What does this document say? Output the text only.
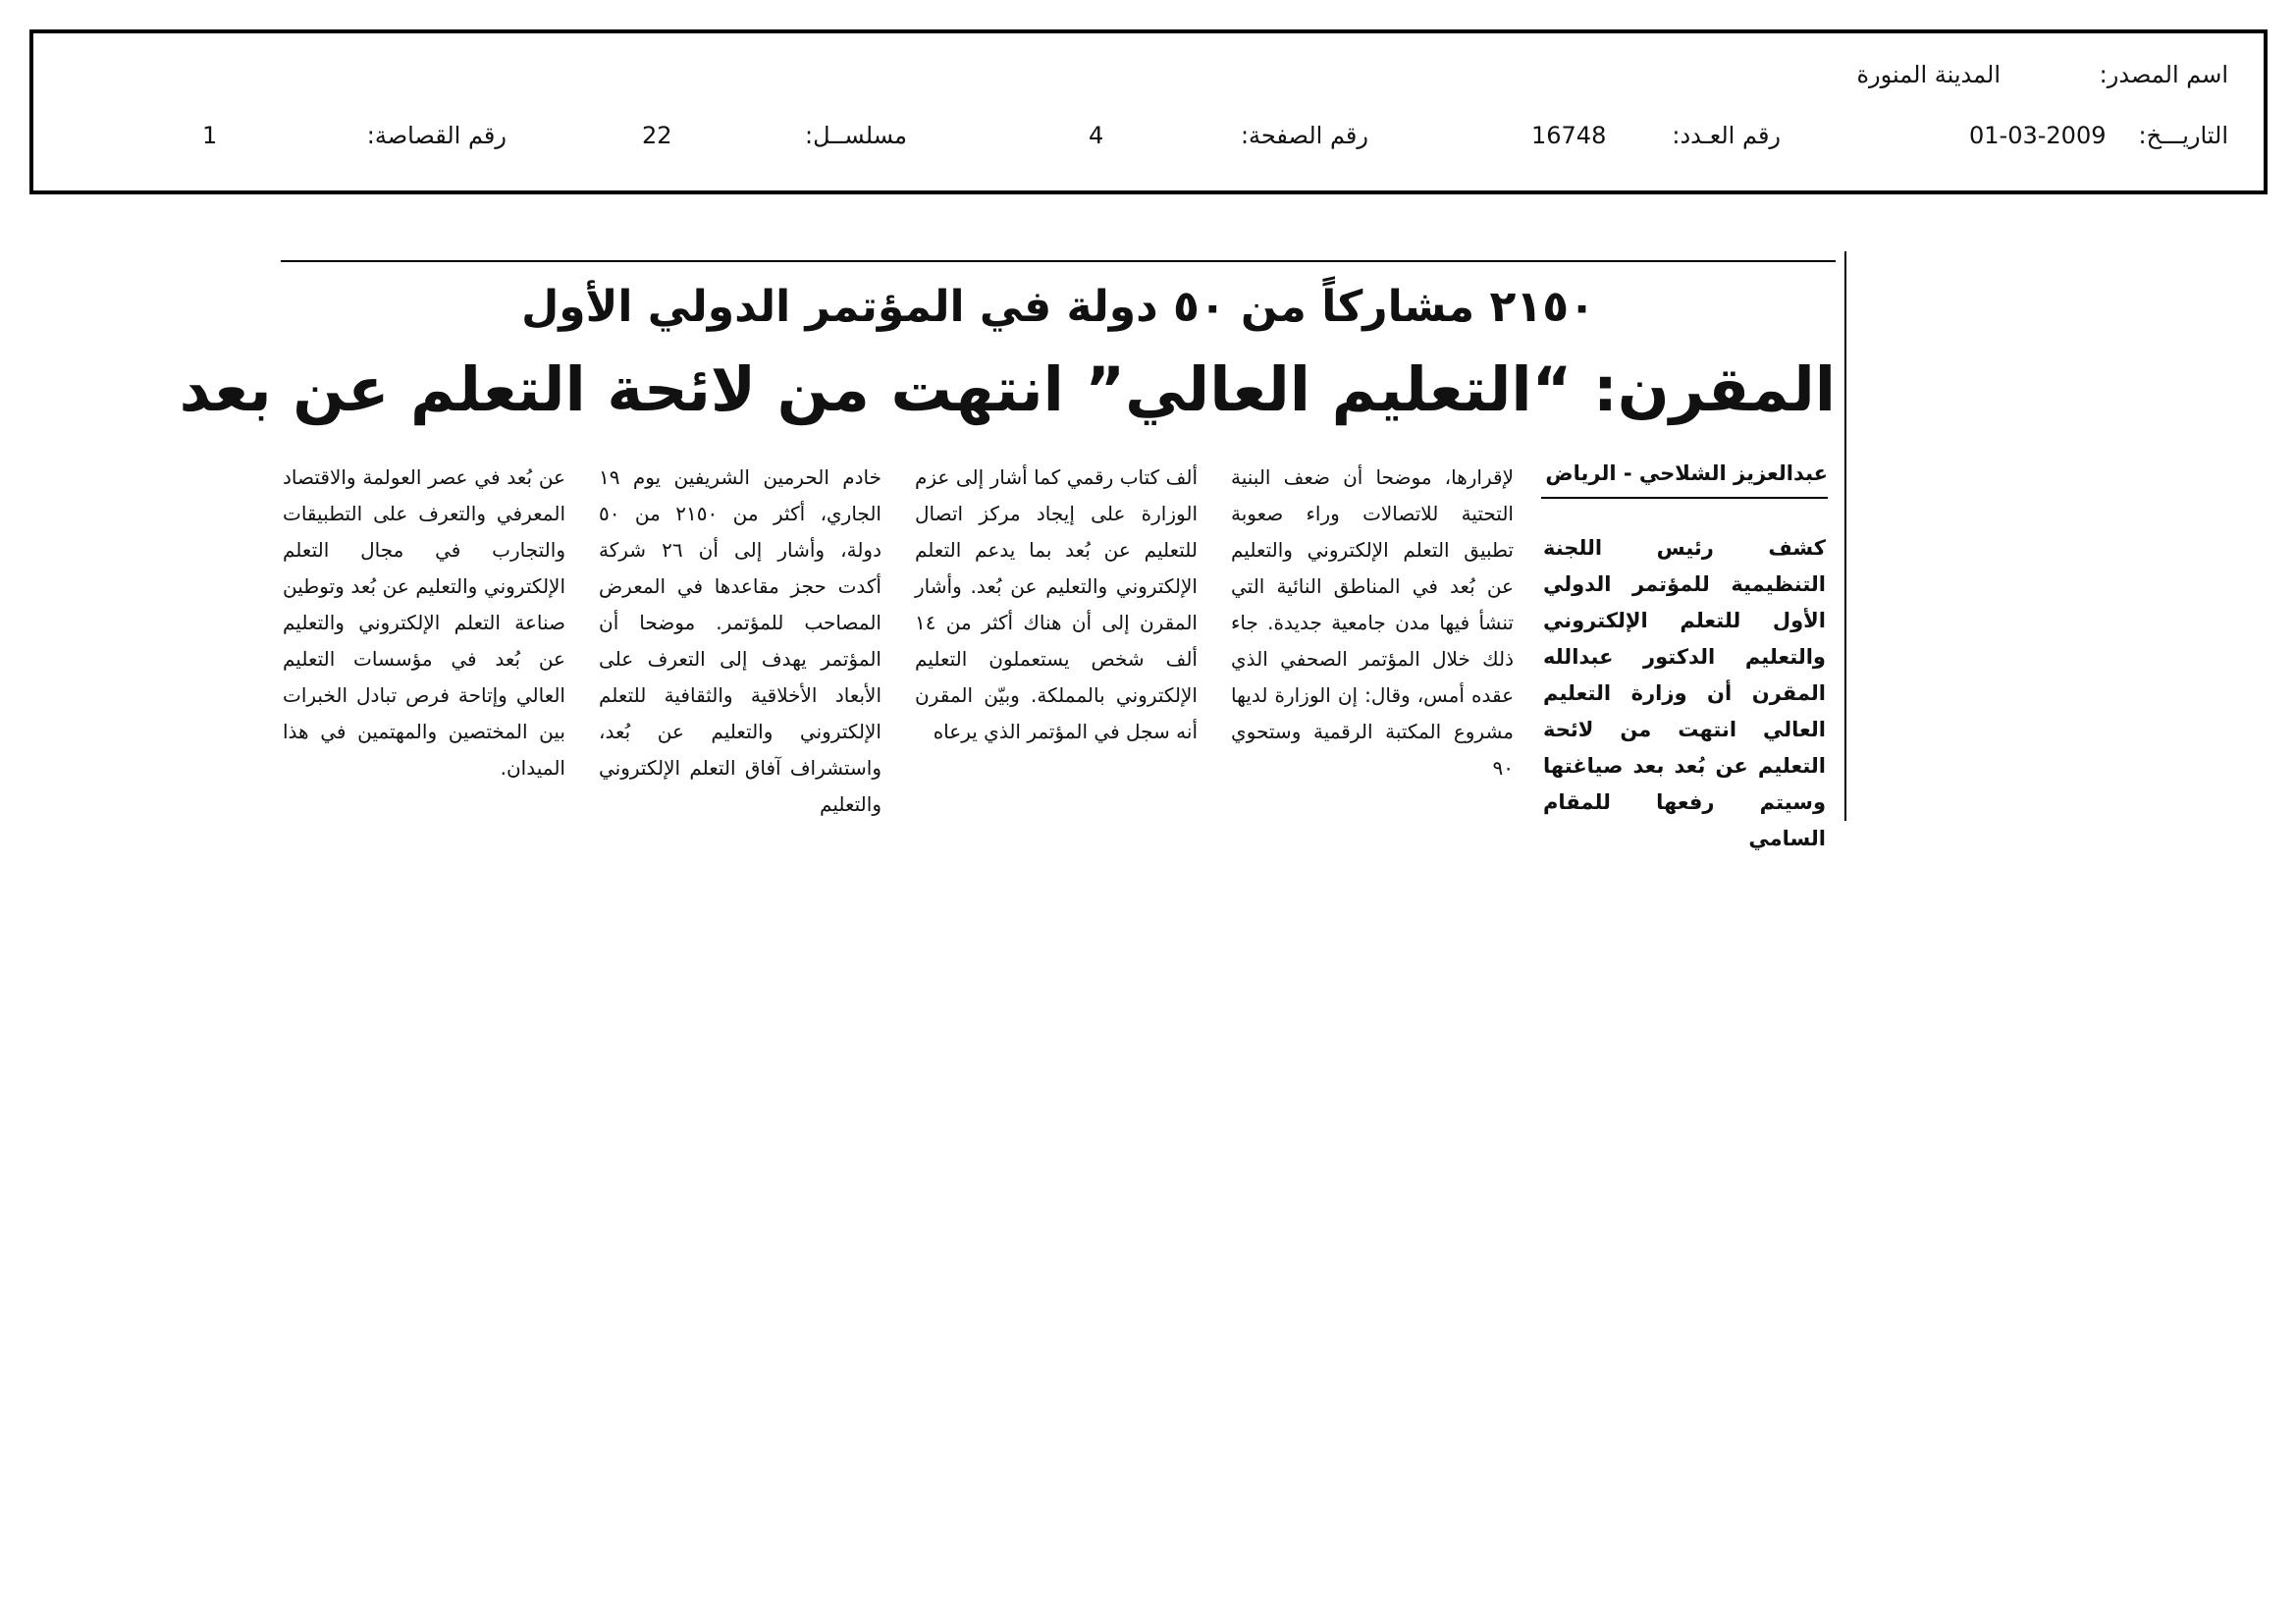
اسم المصدر:
المدينة المنورة
التاريـــخ:
01-03-2009
رقم العـدد:
16748
رقم الصفحة:
4
مسلســل:
22
رقم القصاصة:
1
٢١٥٠ مشاركاً من ٥٠ دولة في المؤتمر الدولي الأول
المقرن: “التعليم العالي” انتهت من لائحة التعلم عن بعد
عبدالعزيز الشلاحي - الرياض

كشف رئيس اللجنة التنظيمية للمؤتمر الدولي الأول للتعلم الإلكتروني والتعليم الدكتور عبدالله المقرن أن وزارة التعليم العالي انتهت من لائحة التعليم عن بُعد بعد صياغتها وسيتم رفعها للمقام السامي

لإقرارها، موضحا أن ضعف البنية التحتية للاتصالات وراء صعوبة تطبيق التعلم الإلكتروني والتعليم عن بُعد في المناطق النائية التي تنشأ فيها مدن جامعية جديدة. جاء ذلك خلال المؤتمر الصحفي الذي عقده أمس، وقال: إن الوزارة لديها مشروع المكتبة الرقمية وستحوي ٩٠

ألف كتاب رقمي كما أشار إلى عزم الوزارة على إيجاد مركز اتصال للتعليم عن بُعد بما يدعم التعلم الإلكتروني والتعليم عن بُعد. وأشار المقرن إلى أن هناك أكثر من ١٤ ألف شخص يستعملون التعليم الإلكتروني بالمملكة. وبيّن المقرن أنه سجل في المؤتمر الذي يرعاه

خادم الحرمين الشريفين يوم ١٩ الجاري، أكثر من ٢١٥٠ من ٥٠ دولة، وأشار إلى أن ٢٦ شركة أكدت حجز مقاعدها في المعرض المصاحب للمؤتمر. موضحا أن المؤتمر يهدف إلى التعرف على الأبعاد الأخلاقية والثقافية للتعلم الإلكتروني والتعليم عن بُعد، واستشراف آفاق التعلم الإلكتروني والتعليم

عن بُعد في عصر العولمة والاقتصاد المعرفي والتعرف على التطبيقات والتجارب في مجال التعلم الإلكتروني والتعليم عن بُعد وتوطين صناعة التعلم الإلكتروني والتعليم عن بُعد في مؤسسات التعليم العالي وإتاحة فرص تبادل الخبرات بين المختصين والمهتمين في هذا الميدان.
